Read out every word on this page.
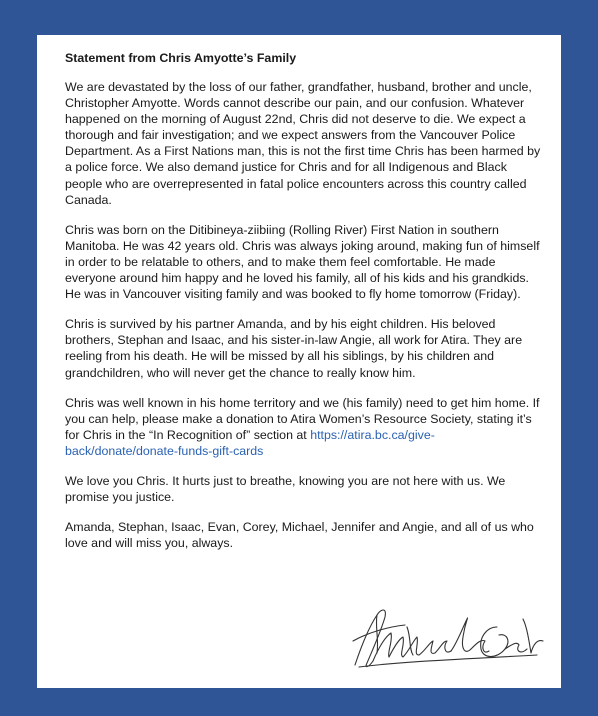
Statement from Chris Amyotte’s Family

We are devastated by the loss of our father, grandfather, husband, brother and uncle, Christopher Amyotte. Words cannot describe our pain, and our confusion. Whatever happened on the morning of August 22nd, Chris did not deserve to die. We expect a thorough and fair investigation; and we expect answers from the Vancouver Police Department. As a First Nations man, this is not the first time Chris has been harmed by a police force. We also demand justice for Chris and for all Indigenous and Black people who are overrepresented in fatal police encounters across this country called Canada.

Chris was born on the Ditibineya-ziibiing (Rolling River) First Nation in southern Manitoba. He was 42 years old. Chris was always joking around, making fun of himself in order to be relatable to others, and to make them feel comfortable. He made everyone around him happy and he loved his family, all of his kids and his grandkids. He was in Vancouver visiting family and was booked to fly home tomorrow (Friday).

Chris is survived by his partner Amanda, and by his eight children. His beloved brothers, Stephan and Isaac, and his sister-in-law Angie, all work for Atira. They are reeling from his death. He will be missed by all his siblings, by his children and grandchildren, who will never get the chance to really know him.

Chris was well known in his home territory and we (his family) need to get him home. If you can help, please make a donation to Atira Women’s Resource Society, stating it’s for Chris in the “In Recognition of” section at https://atira.bc.ca/give-back/donate/donate-funds-gift-cards

We love you Chris. It hurts just to breathe, knowing you are not here with us. We promise you justice.

Amanda, Stephan, Isaac, Evan, Corey, Michael, Jennifer and Angie, and all of us who love and will miss you, always.
